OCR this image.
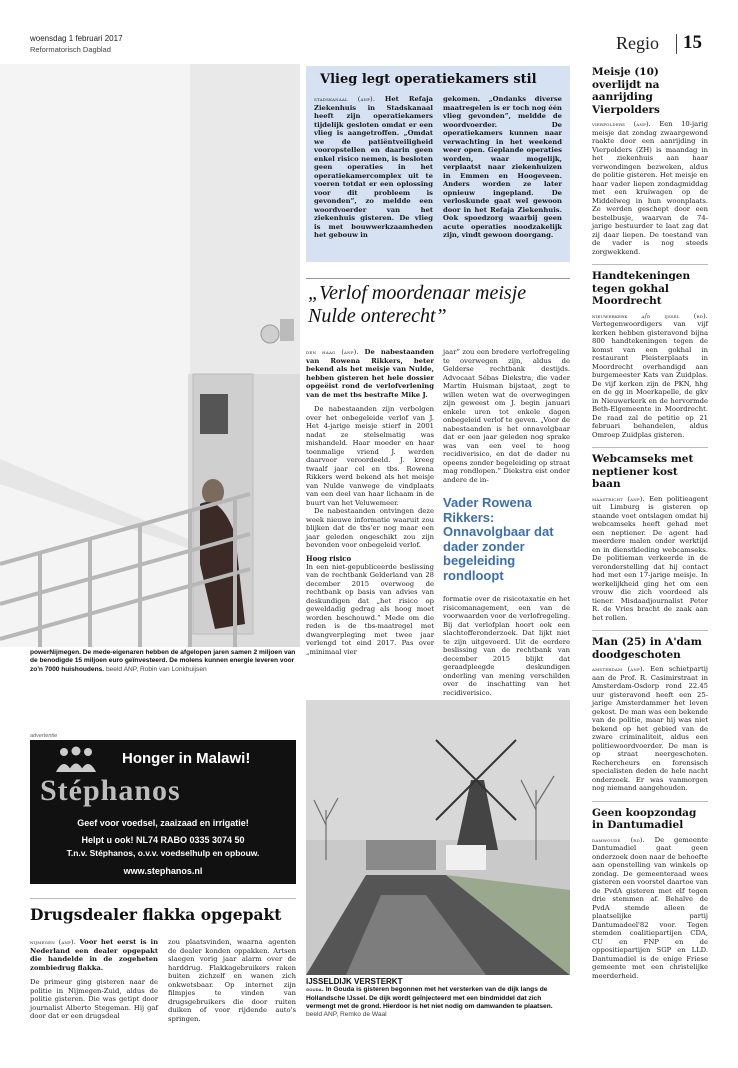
woensdag 1 februari 2017
Reformatorisch Dagblad	Regio 15
powerNijmegen. De mede-eigenaren hebben de afgelopen jaren samen 2 miljoen van de benodigde 15 miljoen euro geïnvesteerd. De molens kunnen energie leveren voor zo'n 7000 huishoudens. beeld ANP, Robin van Lonkhuijsen
Vlieg legt operatiekamers stil

stadskanaal (anp). Het Refaja Ziekenhuis in Stadskanaal heeft zijn operatiekamers tijdelijk gesloten omdat er een vlieg is aangetroffen. „Omdat we de patiëntveiligheid vooropstellen en daarin geen enkel risico nemen, is besloten geen operaties in het operatiekamercomplex uit te voeren totdat er een oplossing voor dit probleem is gevonden”, zo meldde een woordvoerder van het ziekenhuis gisteren. De vlieg is met bouwwerkzaamheden het gebouw in

gekomen. „Ondanks diverse maatregelen is er toch nog één vlieg gevonden”, meldde de woordvoerder. De operatiekamers kunnen naar verwachting in het weekend weer open. Geplande operaties worden, waar mogelijk, verplaatst naar ziekenhuizen in Emmen en Hoogeveen. Anders worden ze later opnieuw ingepland. De verloskunde gaat wel gewoon door in het Refaja Ziekenhuis. Ook spoedzorg waarbij geen acute operaties noodzakelijk zijn, vindt gewoon doorgang.

„Verlof moordenaar meisje Nulde onterecht”

den haag (anp). De nabestaanden van Rowena Rikkers, beter bekend als het meisje van Nulde, hebben gisteren het hele dossier opgeëist rond de verlofverlening van de met tbs bestrafte Mike J.

De nabestaanden zijn verbolgen over het onbegeleide verlof van J. Het 4-jarige meisje stierf in 2001 nadat ze stelselmatig was mishandeld. Haar moeder en haar toenmalige vriend J. werden daarvoor veroordeeld. J. kreeg twaalf jaar cel en tbs. Rowena Rikkers werd bekend als het meisje van Nulde vanwege de vindplaats van een deel van haar lichaam in de buurt van het Veluwemeer.

De nabestaanden ontvingen deze week nieuwe informatie waaruit zou blijken dat de tbs'er nog maar een jaar geleden ongeschikt zou zijn bevonden voor onbegeleid verlof.

Hoog risico

In een niet-gepubliceerde beslissing van de rechtbank Gelderland van 28 december 2015 overwoog de rechtbank op basis van advies van deskundigen dat „het risico op geweldadig gedrag als hoog moet worden beschouwd.” Mede om die reden is de tbs-maatregel met dwangverpleging met twee jaar verlengd tot eind 2017. Pas over „minimaal vier

jaar” zou een bredere verlofregeling te overwegen zijn, aldus de Gelderse rechtbank destijds. Advocaat Sébas Diekstra, die vader Martin Huisman bijstaat, zegt te willen weten wat de overwegingen zijn geweest om J. begin januari enkele uren tot enkele dagen onbegeleid verlof te geven. „Voor de nabestaanden is het onnavolgbaar dat er een jaar geleden nog sprake was van een veel te hoog recidiverisico, en dat de dader nu opeens zonder begeleiding op straat mag rondlopen.” Diekstra eist onder andere de in-

Vader Rowena Rikkers: Onnavolgbaar dat dader zonder begeleiding rondloopt

formatie over de risicotaxatie en het risicomanagement, een van de voorwaarden voor de verlofregeling. Bij dat verlofplan hoort ook een slachtofferonderzoek. Dat lijkt niet te zijn uitgevoerd. Uit de eerdere beslissing van de rechtbank van december 2015 blijkt dat geraadpleegde deskundigen onderling van mening verschilden over de inschatting van het recidiverisico.

advertentie
Honger in Malawi!
Stéphanos
Geef voor voedsel, zaaizaad en irrigatie!
Helpt u ook! NL74 RABO 0335 3074 50
T.n.v. Stéphanos, o.v.v. voedselhulp en opbouw.
www.stephanos.nl
Drugsdealer flakka opgepakt

nijmegen (anp). Voor het eerst is in Nederland een dealer opgepakt die handelde in de zogeheten zombiedrug flakka.

De primeur ging gisteren naar de politie in Nijmegen-Zuid, aldus de politie gisteren. Die was getipt door journalist Alberto Stegeman. Hij gaf door dat er een drugsdeal

zou plaatsvinden, waarna agenten de dealer konden oppakken. Artsen slaegen vorig jaar alarm over de harddrug. Flakkagebruikers raken buiten zichzelf en wanen zich onkwetsbaar. Op internet zijn filmpjes te vinden van drugsgebruikers die door ruiten duiken of voor rijdende auto's springen.

IJSSELDIJK VERSTERKT
gouda. In Gouda is gisteren begonnen met het versterken van de dijk langs de Hollandsche IJssel. De dijk wordt geïnjecteerd met een bindmiddel dat zich vermengt met de grond. Hierdoor is het niet nodig om damwanden te plaatsen. beeld ANP, Remko de Waal
Meisje (10) overlijdt na aanrijding Vierpolders

vierpolders (anp). Een 10-jarig meisje dat zondag zwaargewond raakte door een aanrijding in Vierpolders (ZH) is maandag in het ziekenhuis aan haar verwondingen bezweken, aldus de politie gisteren. Het meisje en haar vader liepen zondagmiddag met een kruiwagen op de Middelweg in hun woonplaats. Ze werden geschept door een bestelbusje, waarvan de 74-jarige bestuurder te laat zag dat zij daar liepen. De toestand van de vader is nog steeds zorgwekkend.

Handtekeningen tegen gokhal Moordrecht

nieuwerkerk a/d ijssel (rd). Vertegenwoordigers van vijf kerken hebben gisteravond bijna 800 handtekeningen tegen de komst van een gokhal in restaurant Pleisterplaats in Moordrecht overhandigd aan burgemeester Kats van Zuidplas. De vijf kerken zijn de PKN, hhg en de gg in Moerkapelle, de gkv in Nieuwerkerk en de hervormde Beth-Elgemeente in Moordrecht. De raad zal de petitie op 21 februari behandelen, aldus Omroep Zuidplas gisteren.

Webcamseks met neptiener kost baan

maastricht (anp). Een politieagent uit Limburg is gisteren op staande voet ontslagen omdat hij webcamseks heeft gehad met een neptiener. De agent had meerdere malen onder werktijd en in dienstkleding webcamseks. De politieman verkeerde in de veronderstelling dat hij contact had met een 17-jarige meisje. In werkelijkheid ging het om een vrouw die zich voordeed als tiener. Misdaadjournalist Peter R. de Vries bracht de zaak aan het rollen.

Man (25) in A'dam doodgeschoten

amsterdam (anp). Een schietpartij aan de Prof. R. Casimirstraat in Amsterdam-Osdorp rond 22.45 uur gisteravond heeft een 25-jarige Amsterdammer het leven gekost. De man was een bekende van de politie, maar hij was niet bekend op het gebied van de zware criminaliteit, aldus een politiewoordvoerder. De man is op straat neergeschoten. Rechercheurs en forensisch specialisten deden de hele nacht onderzoek. Er was vanmorgen nog niemand aangehouden.

Geen koopzondag in Dantumadiel

damwoude (rd). De gemeente Dantumadiel gaat geen onderzoek doen naar de behoefte aan openstelling van winkels op zondag. De gemeenteraad wees gisteren een voorstel daartoe van de PvdA gisteren met elf tegen drie stemmen af. Behalve de PvdA stemde alleen de plaatselijke partij Dantumadeel'82 voor. Tegen stemden coalitiepartijen CDA, CU en FNP en de oppositiepartijen SGP en LLD. Dantumadiel is de enige Friese gemeente met een christelijke meerderheid.
